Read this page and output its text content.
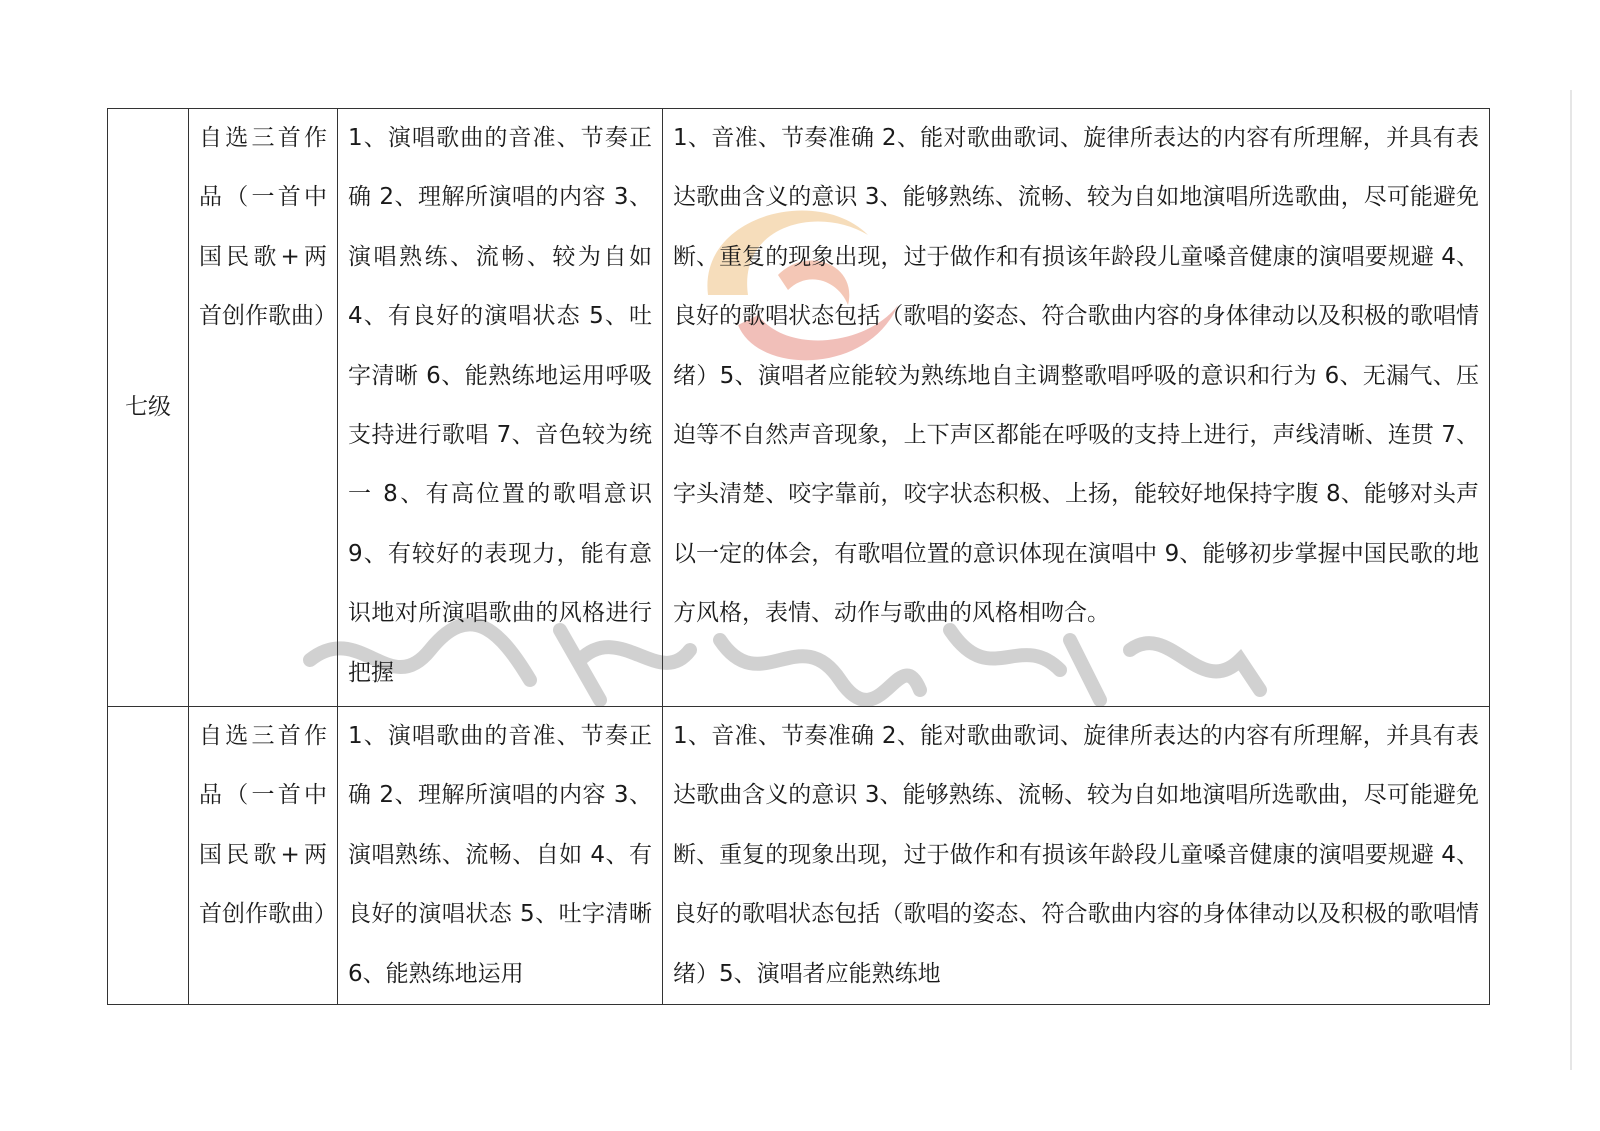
七级	自选三首作品（一首中国民歌+两首创作歌曲）	1、演唱歌曲的音准、节奏正确 2、理解所演唱的内容 3、演唱熟练、流畅、较为自如 4、有良好的演唱状态 5、吐字清晰 6、能熟练地运用呼吸支持进行歌唱 7、音色较为统一 8、有高位置的歌唱意识 9、有较好的表现力，能有意识地对所演唱歌曲的风格进行把握	1、音准、节奏准确 2、能对歌曲歌词、旋律所表达的内容有所理解，并具有表达歌曲含义的意识 3、能够熟练、流畅、较为自如地演唱所选歌曲，尽可能避免断、重复的现象出现，过于做作和有损该年龄段儿童嗓音健康的演唱要规避 4、良好的歌唱状态包括（歌唱的姿态、符合歌曲内容的身体律动以及积极的歌唱情绪）5、演唱者应能较为熟练地自主调整歌唱呼吸的意识和行为 6、无漏气、压迫等不自然声音现象，上下声区都能在呼吸的支持上进行，声线清晰、连贯 7、字头清楚、咬字靠前，咬字状态积极、上扬，能较好地保持字腹 8、能够对头声以一定的体会，有歌唱位置的意识体现在演唱中 9、能够初步掌握中国民歌的地方风格，表情、动作与歌曲的风格相吻合。

	自选三首作品（一首中国民歌+两首创作歌曲）	1、演唱歌曲的音准、节奏正确 2、理解所演唱的内容 3、演唱熟练、流畅、自如 4、有良好的演唱状态 5、吐字清晰 6、能熟练地运用	1、音准、节奏准确 2、能对歌曲歌词、旋律所表达的内容有所理解，并具有表达歌曲含义的意识 3、能够熟练、流畅、较为自如地演唱所选歌曲，尽可能避免断、重复的现象出现，过于做作和有损该年龄段儿童嗓音健康的演唱要规避 4、良好的歌唱状态包括（歌唱的姿态、符合歌曲内容的身体律动以及积极的歌唱情绪）5、演唱者应能熟练地
